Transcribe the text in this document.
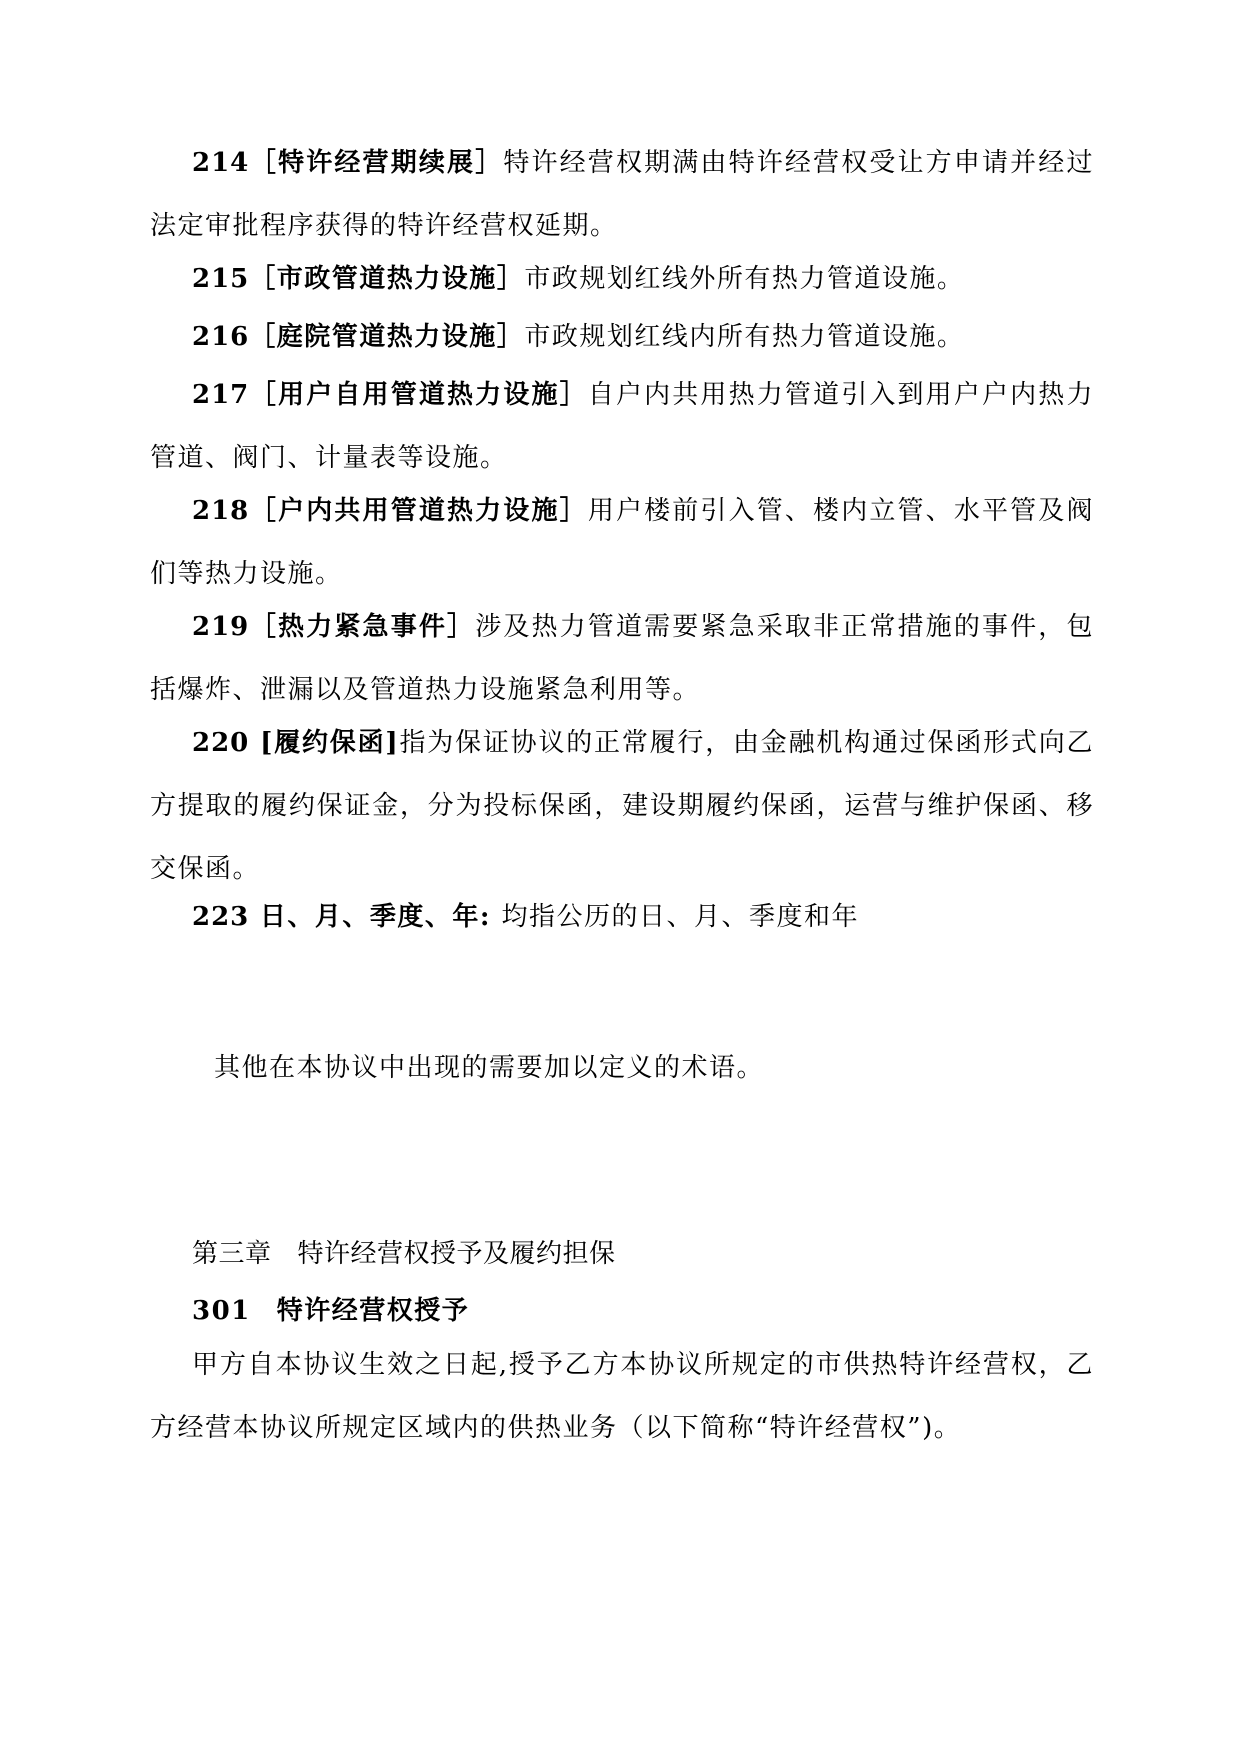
214［特许经营期续展］特许经营权期满由特许经营权受让方申请并经过法定审批程序获得的特许经营权延期。

215［市政管道热力设施］市政规划红线外所有热力管道设施。

216［庭院管道热力设施］市政规划红线内所有热力管道设施。

217［用户自用管道热力设施］自户内共用热力管道引入到用户户内热力管道、阀门、计量表等设施。

218［户内共用管道热力设施］用户楼前引入管、楼内立管、水平管及阀们等热力设施。

219［热力紧急事件］涉及热力管道需要紧急采取非正常措施的事件，包括爆炸、泄漏以及管道热力设施紧急利用等。

220 [履约保函]指为保证协议的正常履行，由金融机构通过保函形式向乙方提取的履约保证金，分为投标保函，建设期履约保函，运营与维护保函、移交保函。

223 日、月、季度、年: 均指公历的日、月、季度和年

其他在本协议中出现的需要加以定义的术语。

第三章 特许经营权授予及履约担保

301 特许经营权授予

甲方自本协议生效之日起,授予乙方本协议所规定的市供热特许经营权，乙方经营本协议所规定区域内的供热业务（以下简称“特许经营权”)。
